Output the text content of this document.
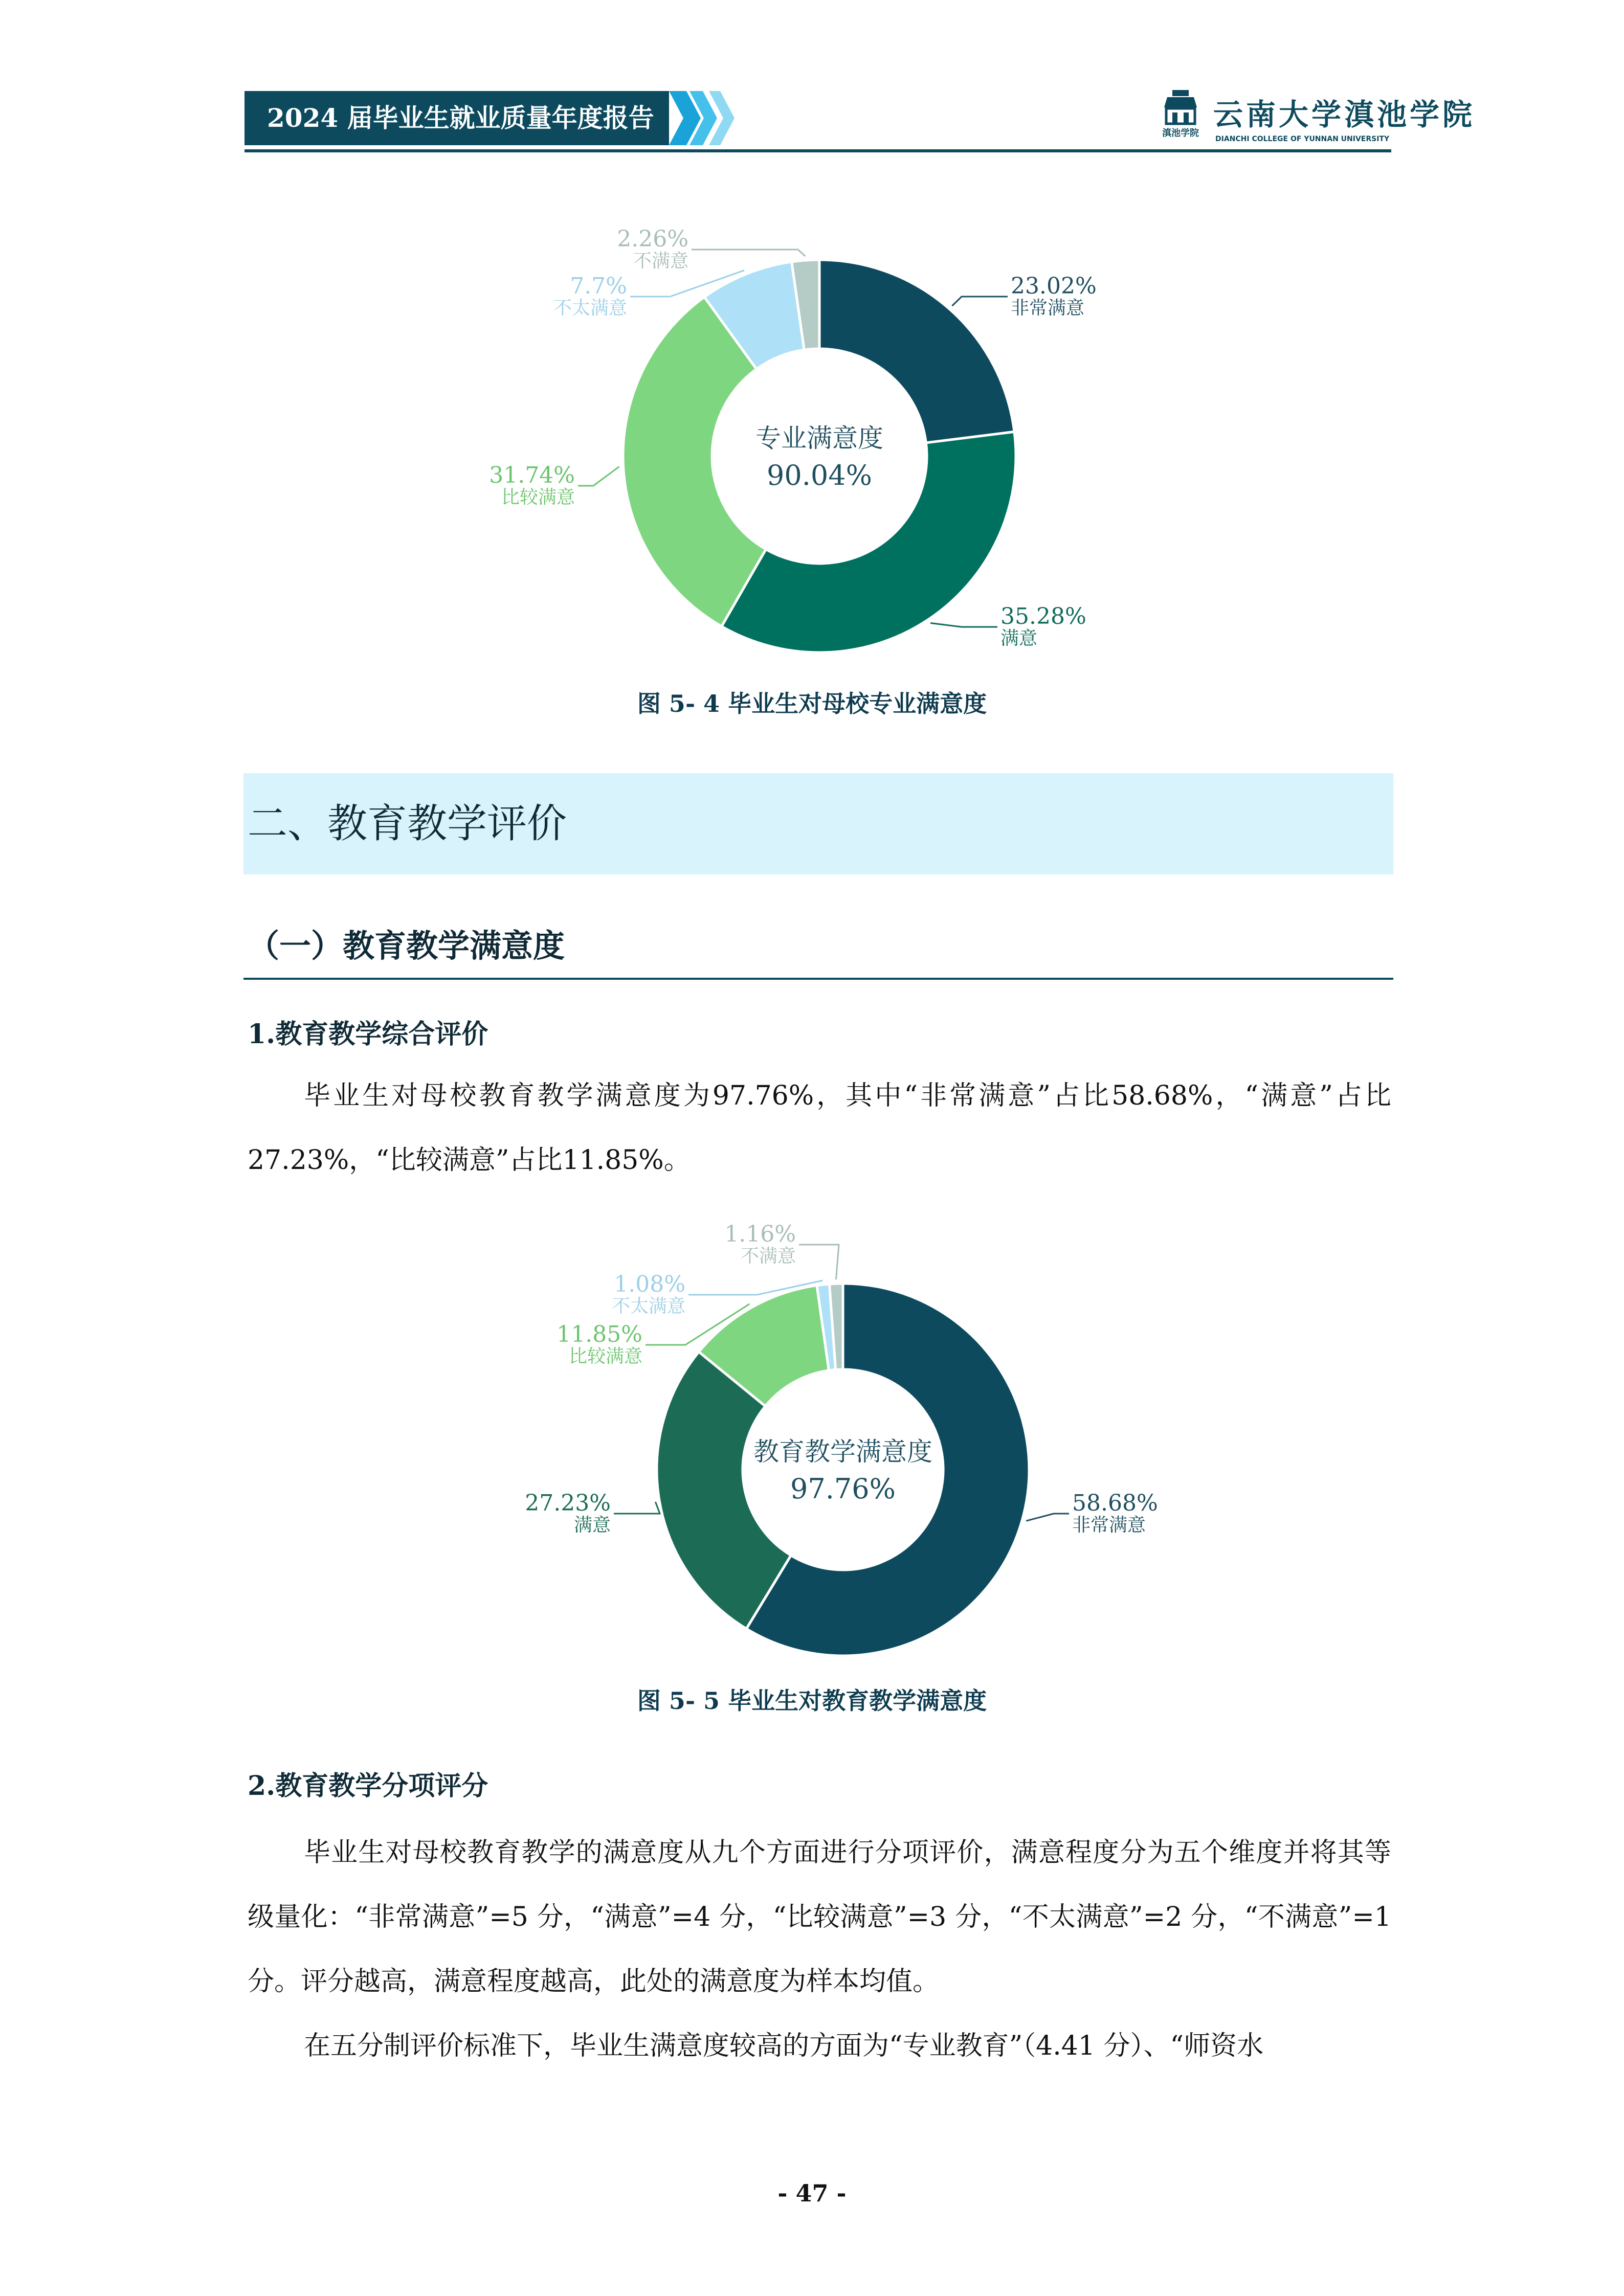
2024 届毕业生就业质量年度报告
滇池学院
云南大学滇池学院
DIANCHI COLLEGE OF YUNNAN UNIVERSITY
23.02%
非常满意
35.28%
满意
31.74%
比较满意
7.7%
不太满意
2.26%
不满意
专业满意度
90.04%
图 5- 4 毕业生对母校专业满意度
二、教育教学评价
（一）教育教学满意度
1.教育教学综合评价
毕业生对母校教育教学满意度为97.76%，其中“非常满意”占比58.68%，“满意”占比27.23%，“比较满意”占比11.85%。
58.68%
非常满意
27.23%
满意
11.85%
比较满意
1.08%
不太满意
1.16%
不满意
教育教学满意度
97.76%
图 5- 5 毕业生对教育教学满意度
2.教育教学分项评分
毕业生对母校教育教学的满意度从九个方面进行分项评价，满意程度分为五个维度并将其等级量化：“非常满意”=5 分，“满意”=4 分，“比较满意”=3 分，“不太满意”=2 分，“不满意”=1 分。评分越高，满意程度越高，此处的满意度为样本均值。
在五分制评价标准下，毕业生满意度较高的方面为“专业教育”（4.41 分）、“师资水
- 47 -
